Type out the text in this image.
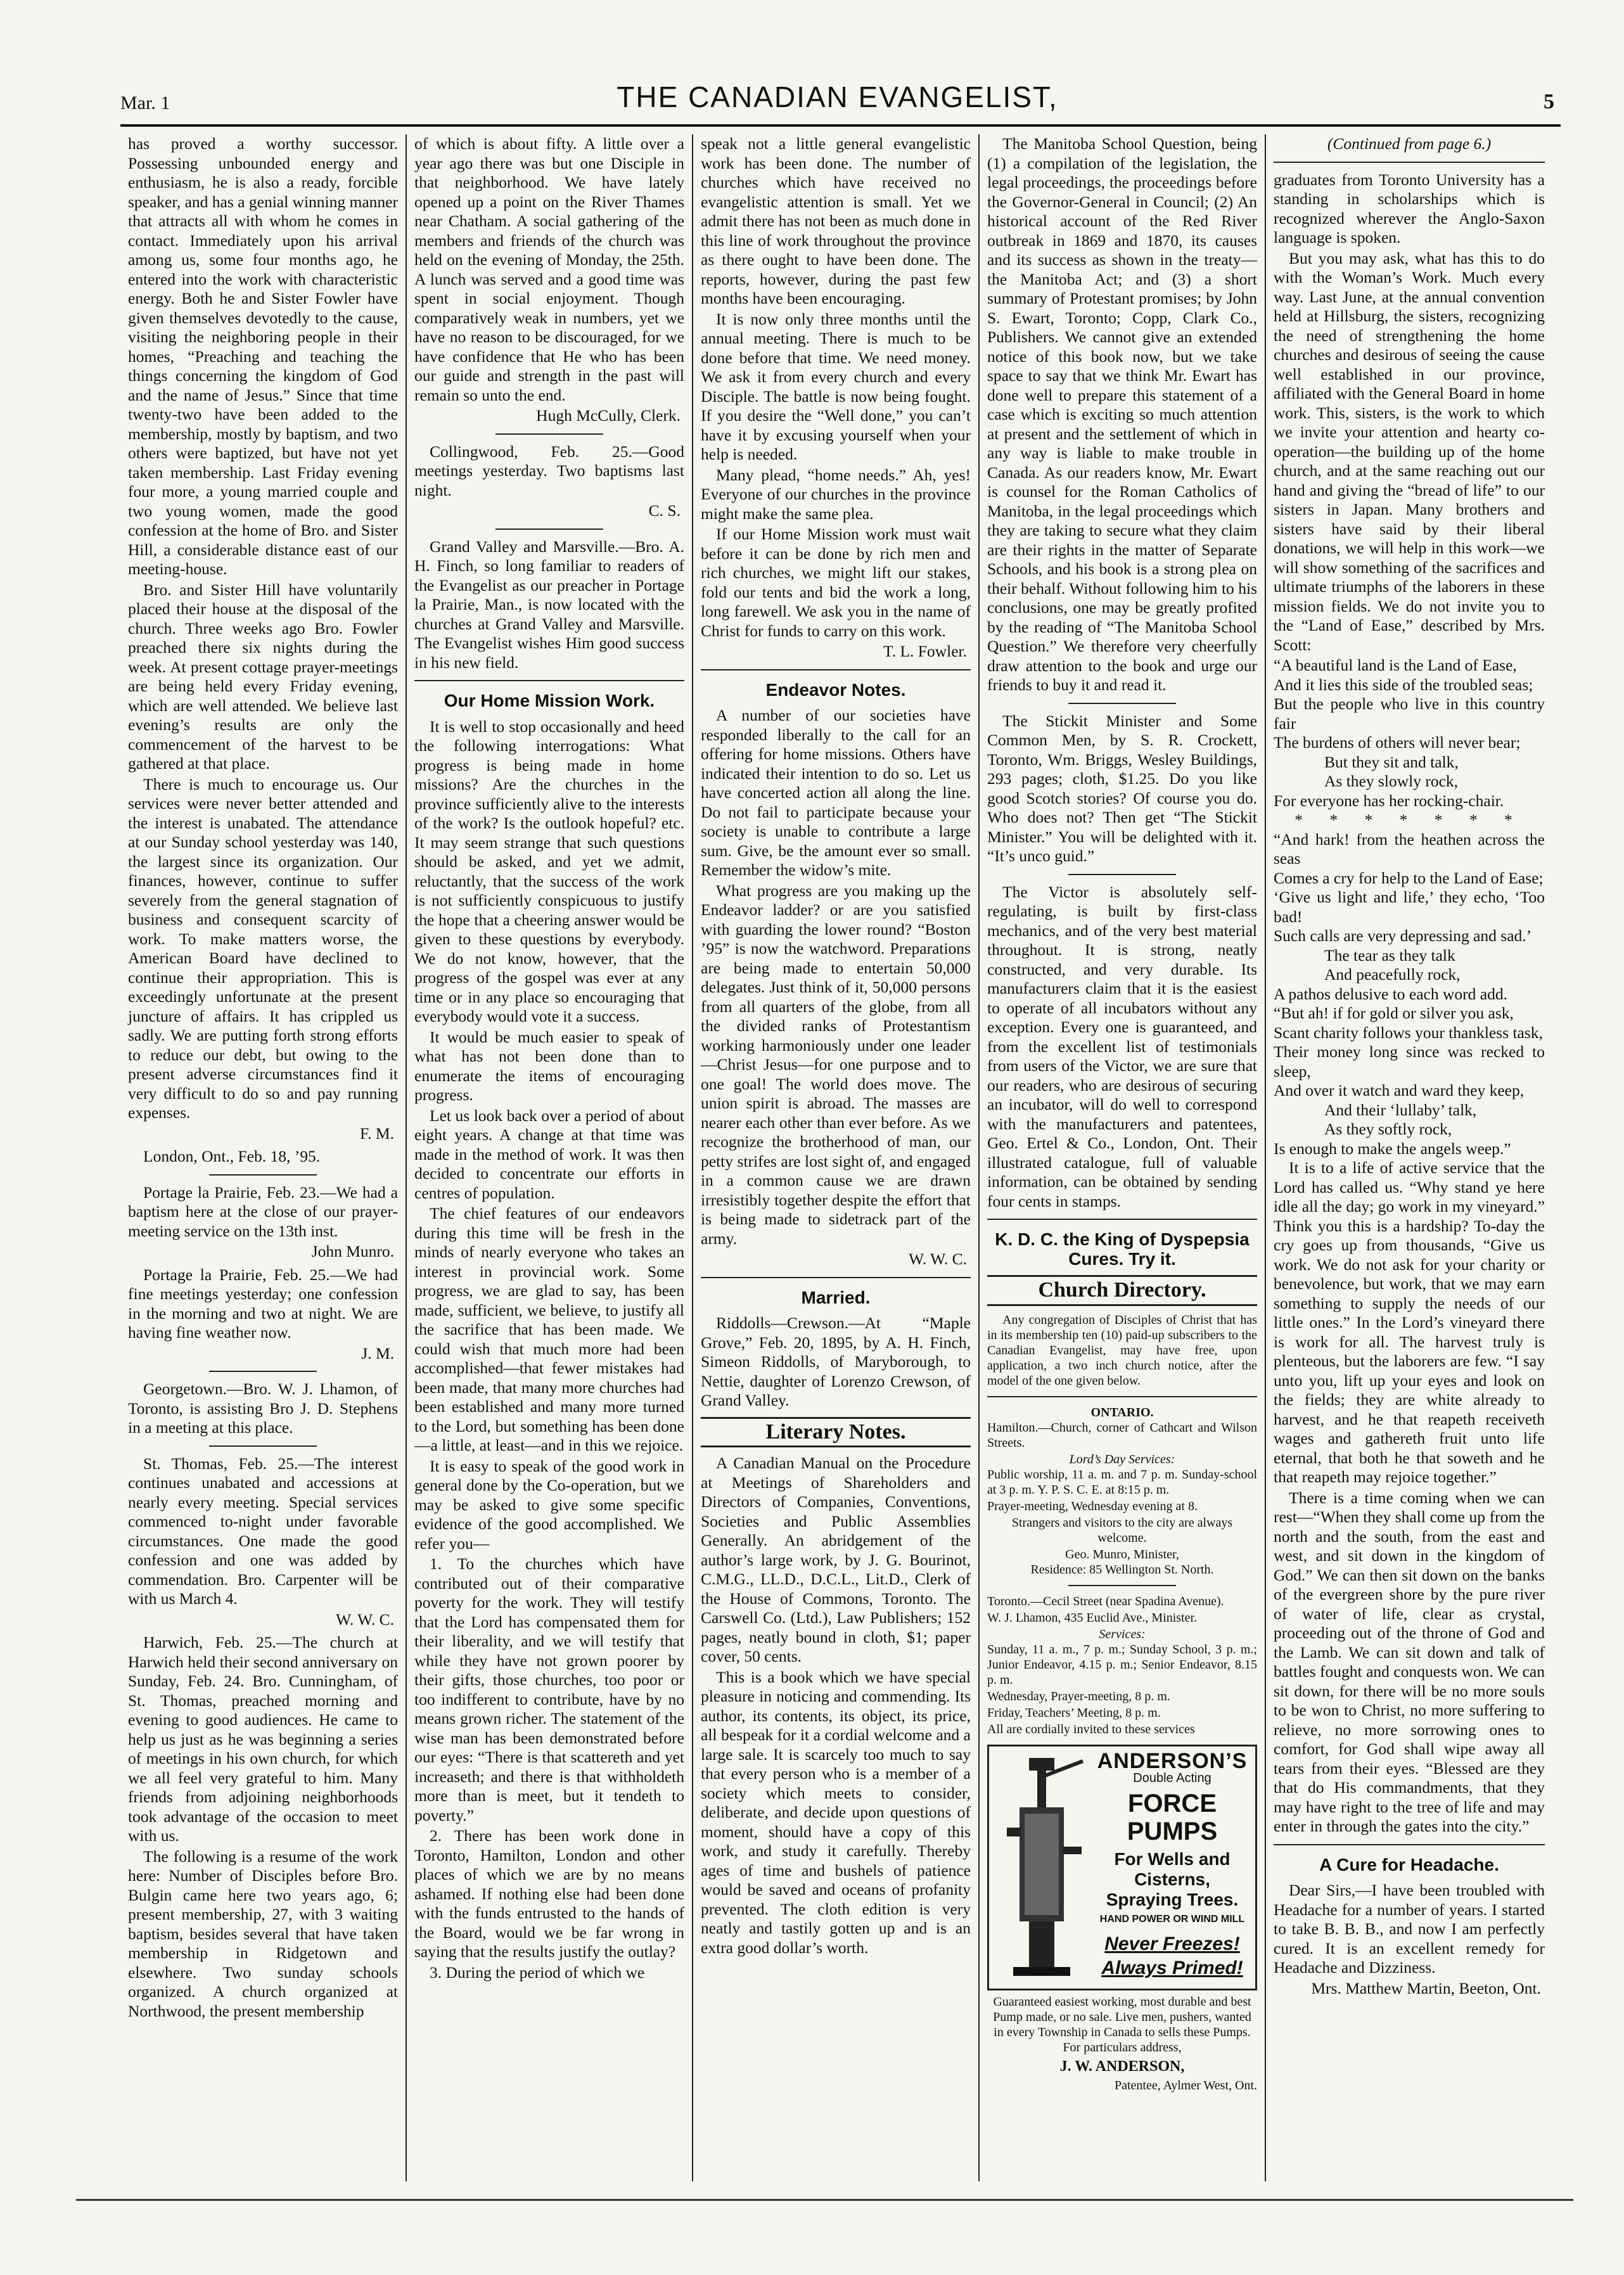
Mar. 1	THE CANADIAN EVANGELIST,	5

has proved a worthy successor. Possessing unbounded energy and enthusiasm, he is also a ready, forcible speaker, and has a genial winning manner that attracts all with whom he comes in contact. Immediately upon his arrival among us, some four months ago, he entered into the work with characteristic energy. Both he and Sister Fowler have given themselves devotedly to the cause, visiting the neighboring people in their homes, “Preaching and teaching the things concerning the kingdom of God and the name of Jesus.” Since that time twenty-two have been added to the membership, mostly by baptism, and two others were baptized, but have not yet taken membership. Last Friday evening four more, a young married couple and two young women, made the good confession at the home of Bro. and Sister Hill, a considerable distance east of our meeting-house.

Bro. and Sister Hill have voluntarily placed their house at the disposal of the church. Three weeks ago Bro. Fowler preached there six nights during the week. At present cottage prayer-meetings are being held every Friday evening, which are well attended. We believe last evening’s results are only the commencement of the harvest to be gathered at that place.

There is much to encourage us. Our services were never better attended and the interest is unabated. The attendance at our Sunday school yesterday was 140, the largest since its organization. Our finances, however, continue to suffer severely from the general stagnation of business and consequent scarcity of work. To make matters worse, the American Board have declined to continue their appropriation. This is exceedingly unfortunate at the present juncture of affairs. It has crippled us sadly. We are putting forth strong efforts to reduce our debt, but owing to the present adverse circumstances find it very difficult to do so and pay running expenses.

F. M.

London, Ont., Feb. 18, ’95.

Portage la Prairie, Feb. 23.—We had a baptism here at the close of our prayer-meeting service on the 13th inst.

John Munro.

Portage la Prairie, Feb. 25.—We had fine meetings yesterday; one confession in the morning and two at night. We are having fine weather now.

J. M.

Georgetown.—Bro. W. J. Lhamon, of Toronto, is assisting Bro J. D. Stephens in a meeting at this place.

St. Thomas, Feb. 25.—The interest continues unabated and accessions at nearly every meeting. Special services commenced to-night under favorable circumstances. One made the good confession and one was added by commendation. Bro. Carpenter will be with us March 4.

W. W. C.

Harwich, Feb. 25.—The church at Harwich held their second anniversary on Sunday, Feb. 24. Bro. Cunningham, of St. Thomas, preached morning and evening to good audiences. He came to help us just as he was beginning a series of meetings in his own church, for which we all feel very grateful to him. Many friends from adjoining neighborhoods took advantage of the occasion to meet with us.

The following is a resume of the work here: Number of Disciples before Bro. Bulgin came here two years ago, 6; present membership, 27, with 3 waiting baptism, besides several that have taken membership in Ridgetown and elsewhere. Two sunday schools organized. A church organized at Northwood, the present membership

of which is about fifty. A little over a year ago there was but one Disciple in that neighborhood. We have lately opened up a point on the River Thames near Chatham. A social gathering of the members and friends of the church was held on the evening of Monday, the 25th. A lunch was served and a good time was spent in social enjoyment. Though comparatively weak in numbers, yet we have no reason to be discouraged, for we have confidence that He who has been our guide and strength in the past will remain so unto the end.

Hugh McCully, Clerk.

Collingwood, Feb. 25.—Good meetings yesterday. Two baptisms last night.

C. S.

Grand Valley and Marsville.—Bro. A. H. Finch, so long familiar to readers of the Evangelist as our preacher in Portage la Prairie, Man., is now located with the churches at Grand Valley and Marsville. The Evangelist wishes Him good success in his new field.

Our Home Mission Work.

It is well to stop occasionally and heed the following interrogations: What progress is being made in home missions? Are the churches in the province sufficiently alive to the interests of the work? Is the outlook hopeful? etc. It may seem strange that such questions should be asked, and yet we admit, reluctantly, that the success of the work is not sufficiently conspicuous to justify the hope that a cheering answer would be given to these questions by everybody. We do not know, however, that the progress of the gospel was ever at any time or in any place so encouraging that everybody would vote it a success.

It would be much easier to speak of what has not been done than to enumerate the items of encouraging progress.

Let us look back over a period of about eight years. A change at that time was made in the method of work. It was then decided to concentrate our efforts in centres of population.

The chief features of our endeavors during this time will be fresh in the minds of nearly everyone who takes an interest in provincial work. Some progress, we are glad to say, has been made, sufficient, we believe, to justify all the sacrifice that has been made. We could wish that much more had been accomplished—that fewer mistakes had been made, that many more churches had been established and many more turned to the Lord, but something has been done—a little, at least—and in this we rejoice.

It is easy to speak of the good work in general done by the Co-operation, but we may be asked to give some specific evidence of the good accomplished. We refer you—

1. To the churches which have contributed out of their comparative poverty for the work. They will testify that the Lord has compensated them for their liberality, and we will testify that while they have not grown poorer by their gifts, those churches, too poor or too indifferent to contribute, have by no means grown richer. The statement of the wise man has been demonstrated before our eyes: “There is that scattereth and yet increaseth; and there is that withholdeth more than is meet, but it tendeth to poverty.”

2. There has been work done in Toronto, Hamilton, London and other places of which we are by no means ashamed. If nothing else had been done with the funds entrusted to the hands of the Board, would we be far wrong in saying that the results justify the outlay?

3. During the period of which we

speak not a little general evangelistic work has been done. The number of churches which have received no evangelistic attention is small. Yet we admit there has not been as much done in this line of work throughout the province as there ought to have been done. The reports, however, during the past few months have been encouraging.

It is now only three months until the annual meeting. There is much to be done before that time. We need money. We ask it from every church and every Disciple. The battle is now being fought. If you desire the “Well done,” you can’t have it by excusing yourself when your help is needed.

Many plead, “home needs.” Ah, yes! Everyone of our churches in the province might make the same plea.

If our Home Mission work must wait before it can be done by rich men and rich churches, we might lift our stakes, fold our tents and bid the work a long, long farewell. We ask you in the name of Christ for funds to carry on this work.

T. L. Fowler.
Endeavor Notes.

A number of our societies have responded liberally to the call for an offering for home missions. Others have indicated their intention to do so. Let us have concerted action all along the line. Do not fail to participate because your society is unable to contribute a large sum. Give, be the amount ever so small. Remember the widow’s mite.

What progress are you making up the Endeavor ladder? or are you satisfied with guarding the lower round? “Boston ’95” is now the watchword. Preparations are being made to entertain 50,000 delegates. Just think of it, 50,000 persons from all quarters of the globe, from all the divided ranks of Protestantism working harmoniously under one leader—Christ Jesus—for one purpose and to one goal! The world does move. The union spirit is abroad. The masses are nearer each other than ever before. As we recognize the brotherhood of man, our petty strifes are lost sight of, and engaged in a common cause we are drawn irresistibly together despite the effort that is being made to sidetrack part of the army.

W. W. C.
Married.

Riddolls—Crewson.—At “Maple Grove,” Feb. 20, 1895, by A. H. Finch, Simeon Riddolls, of Maryborough, to Nettie, daughter of Lorenzo Crewson, of Grand Valley.

Literary Notes.

A Canadian Manual on the Procedure at Meetings of Shareholders and Directors of Companies, Conventions, Societies and Public Assemblies Generally. An abridgement of the author’s large work, by J. G. Bourinot, C.M.G., LL.D., D.C.L., Lit.D., Clerk of the House of Commons, Toronto. The Carswell Co. (Ltd.), Law Publishers; 152 pages, neatly bound in cloth, $1; paper cover, 50 cents.

This is a book which we have special pleasure in noticing and commending. Its author, its contents, its object, its price, all bespeak for it a cordial welcome and a large sale. It is scarcely too much to say that every person who is a member of a society which meets to consider, deliberate, and decide upon questions of moment, should have a copy of this work, and study it carefully. Thereby ages of time and bushels of patience would be saved and oceans of profanity prevented. The cloth edition is very neatly and tastily gotten up and is an extra good dollar’s worth.

The Manitoba School Question, being (1) a compilation of the legislation, the legal proceedings, the proceedings before the Governor-General in Council; (2) An historical account of the Red River outbreak in 1869 and 1870, its causes and its success as shown in the treaty—the Manitoba Act; and (3) a short summary of Protestant promises; by John S. Ewart, Toronto; Copp, Clark Co., Publishers. We cannot give an extended notice of this book now, but we take space to say that we think Mr. Ewart has done well to prepare this statement of a case which is exciting so much attention at present and the settlement of which in any way is liable to make trouble in Canada. As our readers know, Mr. Ewart is counsel for the Roman Catholics of Manitoba, in the legal proceedings which they are taking to secure what they claim are their rights in the matter of Separate Schools, and his book is a strong plea on their behalf. Without following him to his conclusions, one may be greatly profited by the reading of “The Manitoba School Question.” We therefore very cheerfully draw attention to the book and urge our friends to buy it and read it.

The Stickit Minister and Some Common Men, by S. R. Crockett, Toronto, Wm. Briggs, Wesley Buildings, 293 pages; cloth, $1.25. Do you like good Scotch stories? Of course you do. Who does not? Then get “The Stickit Minister.” You will be delighted with it. “It’s unco guid.”

The Victor is absolutely self-regulating, is built by first-class mechanics, and of the very best material throughout. It is strong, neatly constructed, and very durable. Its manufacturers claim that it is the easiest to operate of all incubators without any exception. Every one is guaranteed, and from the excellent list of testimonials from users of the Victor, we are sure that our readers, who are desirous of securing an incubator, will do well to correspond with the manufacturers and patentees, Geo. Ertel & Co., London, Ont. Their illustrated catalogue, full of valuable information, can be obtained by sending four cents in stamps.

K. D. C. the King of Dyspepsia Cures. Try it.
Church Directory.

Any congregation of Disciples of Christ that has in its membership ten (10) paid-up subscribers to the Canadian Evangelist, may have free, upon application, a two inch church notice, after the model of the one given below.

ONTARIO.

Hamilton.—Church, corner of Cathcart and Wilson Streets.

Lord’s Day Services:

Public worship, 11 a. m. and 7 p. m. Sunday-school at 3 p. m. Y. P. S. C. E. at 8:15 p. m.

Prayer-meeting, Wednesday evening at 8.

Strangers and visitors to the city are always welcome.

Geo. Munro, Minister,
Residence: 85 Wellington St. North.

Toronto.—Cecil Street (near Spadina Avenue).

W. J. Lhamon, 435 Euclid Ave., Minister.

Services:

Sunday, 11 a. m., 7 p. m.; Sunday School, 3 p. m.; Junior Endeavor, 4.15 p. m.; Senior Endeavor, 8.15 p. m.

Wednesday, Prayer-meeting, 8 p. m.

Friday, Teachers’ Meeting, 8 p. m.

All are cordially invited to these services

ANDERSON’S
Double Acting
FORCE PUMPS
For Wells and Cisterns, Spraying Trees.
HAND POWER OR WIND MILL
Never Freezes!
Always Primed!
Guaranteed easiest working, most durable and best Pump made, or no sale. Live men, pushers, wanted in every Township in Canada to sells these Pumps. For particulars address,
J. W. ANDERSON,
Patentee, Aylmer West, Ont.
(Continued from page 6.)

graduates from Toronto University has a standing in scholarships which is recognized wherever the Anglo-Saxon language is spoken.

But you may ask, what has this to do with the Woman’s Work. Much every way. Last June, at the annual convention held at Hillsburg, the sisters, recognizing the need of strengthening the home churches and desirous of seeing the cause well established in our province, affiliated with the General Board in home work. This, sisters, is the work to which we invite your attention and hearty co-operation—the building up of the home church, and at the same reaching out our hand and giving the “bread of life” to our sisters in Japan. Many brothers and sisters have said by their liberal donations, we will help in this work—we will show something of the sacrifices and ultimate triumphs of the laborers in these mission fields. We do not invite you to the “Land of Ease,” described by Mrs. Scott:

“A beautiful land is the Land of Ease,
And it lies this side of the troubled seas;
But the people who live in this country fair
The burdens of others will never bear;
But they sit and talk,
As they slowly rock,
For everyone has her rocking-chair.
* * * * * * *
“And hark! from the heathen across the seas
Comes a cry for help to the Land of Ease;
‘Give us light and life,’ they echo, ‘Too bad!
Such calls are very depressing and sad.’
The tear as they talk
And peacefully rock,
A pathos delusive to each word add.
“But ah! if for gold or silver you ask,
Scant charity follows your thankless task,
Their money long since was recked to sleep,
And over it watch and ward they keep,
And their ‘lullaby’ talk,
As they softly rock,
Is enough to make the angels weep.”

It is to a life of active service that the Lord has called us. “Why stand ye here idle all the day; go work in my vineyard.” Think you this is a hardship? To-day the cry goes up from thousands, “Give us work. We do not ask for your charity or benevolence, but work, that we may earn something to supply the needs of our little ones.” In the Lord’s vineyard there is work for all. The harvest truly is plenteous, but the laborers are few. “I say unto you, lift up your eyes and look on the fields; they are white already to harvest, and he that reapeth receiveth wages and gathereth fruit unto life eternal, that both he that soweth and he that reapeth may rejoice together.”

There is a time coming when we can rest—“When they shall come up from the north and the south, from the east and west, and sit down in the kingdom of God.” We can then sit down on the banks of the evergreen shore by the pure river of water of life, clear as crystal, proceeding out of the throne of God and the Lamb. We can sit down and talk of battles fought and conquests won. We can sit down, for there will be no more souls to be won to Christ, no more suffering to relieve, no more sorrowing ones to comfort, for God shall wipe away all tears from their eyes. “Blessed are they that do His commandments, that they may have right to the tree of life and may enter in through the gates into the city.”

A Cure for Headache.

Dear Sirs,—I have been troubled with Headache for a number of years. I started to take B. B. B., and now I am perfectly cured. It is an excellent remedy for Headache and Dizziness.

Mrs. Matthew Martin, Beeton, Ont.
